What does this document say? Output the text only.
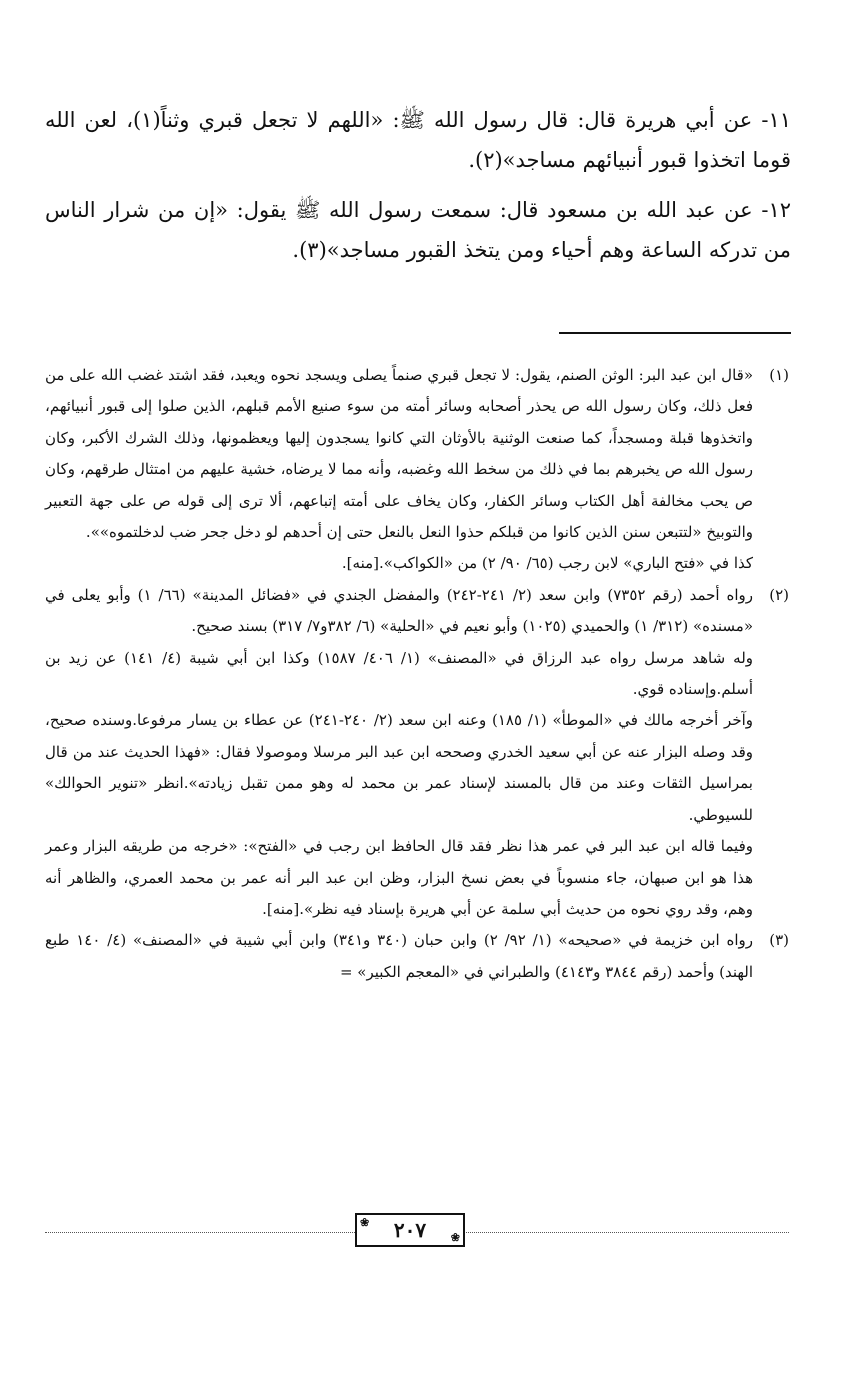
١١- عن أبي هريرة قال: قال رسول الله ﷺ: «اللهم لا تجعل قبري وثناً(١)، لعن الله قوما اتخذوا قبور أنبيائهم مساجد»(٢).

١٢- عن عبد الله بن مسعود قال: سمعت رسول الله ﷺ يقول: «إن من شرار الناس من تدركه الساعة وهم أحياء ومن يتخذ القبور مساجد»(٣).

(١)

«قال ابن عبد البر: الوثن الصنم، يقول: لا تجعل قبري صنماً يصلى ويسجد نحوه ويعبد، فقد اشتد غضب الله على من فعل ذلك، وكان رسول الله ص يحذر أصحابه وسائر أمته من سوء صنيع الأمم قبلهم، الذين صلوا إلى قبور أنبيائهم، واتخذوها قبلة ومسجداً، كما صنعت الوثنية بالأوثان التي كانوا يسجدون إليها ويعظمونها، وذلك الشرك الأكبر، وكان رسول الله ص يخبرهم بما في ذلك من سخط الله وغضبه، وأنه مما لا يرضاه، خشية عليهم من امتثال طرقهم، وكان ص يحب مخالفة أهل الكتاب وسائر الكفار، وكان يخاف على أمته إتباعهم، ألا ترى إلى قوله ص على جهة التعبير والتوبيخ «لتتبعن سنن الذين كانوا من قبلكم حذوا النعل بالنعل حتى إن أحدهم لو دخل جحر ضب لدخلتموه»».

كذا في «فتح الباري» لابن رجب (٦٥/ ٩٠/ ٢) من «الكواكب».[منه].

(٢)

رواه أحمد (رقم ٧٣٥٢) وابن سعد (٢/ ٢٤١-٢٤٢) والمفضل الجندي في «فضائل المدينة» (٦٦/ ١) وأبو يعلى في «مسنده» (٣١٢/ ١) والحميدي (١٠٢٥) وأبو نعيم في «الحلية» (٦/ ٣٨٢و٧/ ٣١٧) بسند صحيح.

وله شاهد مرسل رواه عبد الرزاق في «المصنف» (١/ ٤٠٦/ ١٥٨٧) وكذا ابن أبي شيبة (٤/ ١٤١) عن زيد بن أسلم.وإسناده قوي.

وآخر أخرجه مالك في «الموطأ» (١/ ١٨٥) وعنه ابن سعد (٢/ ٢٤٠-٢٤١) عن عطاء بن يسار مرفوعا.وسنده صحيح، وقد وصله البزار عنه عن أبي سعيد الخدري وصححه ابن عبد البر مرسلا وموصولا فقال: «فهذا الحديث عند من قال بمراسيل الثقات وعند من قال بالمسند لإسناد عمر بن محمد له وهو ممن تقبل زيادته».انظر «تنوير الحوالك» للسيوطي.

وفيما قاله ابن عبد البر في عمر هذا نظر فقد قال الحافظ ابن رجب في «الفتح»: «خرجه من طريقه البزار وعمر هذا هو ابن صبهان، جاء منسوباً في بعض نسخ البزار، وظن ابن عبد البر أنه عمر بن محمد العمري، والظاهر أنه وهم، وقد روي نحوه من حديث أبي سلمة عن أبي هريرة بإسناد فيه نظر».[منه].

(٣)

رواه ابن خزيمة في «صحيحه» (١/ ٩٢/ ٢) وابن حبان (٣٤٠ و٣٤١) وابن أبي شيبة في «المصنف» (٤/ ١٤٠ طبع الهند) وأحمد (رقم ٣٨٤٤ و٤١٤٣) والطبراني في «المعجم الكبير» =

❀ ٢٠٧ ❀
